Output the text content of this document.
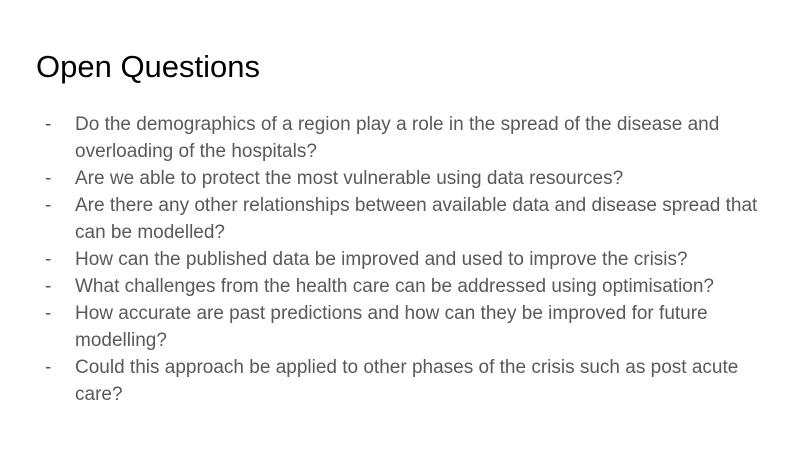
Open Questions
-	Do the demographics of a region play a role in the spread of the disease and overloading of the hospitals?
-	Are we able to protect the most vulnerable using data resources?
-	Are there any other relationships between available data and disease spread that can be modelled?
-	How can the published data be improved and used to improve the crisis?
-	What challenges from the health care can be addressed using optimisation?
-	How accurate are past predictions and how can they be improved for future modelling?
-	Could this approach be applied to other phases of the crisis such as post acute care?
